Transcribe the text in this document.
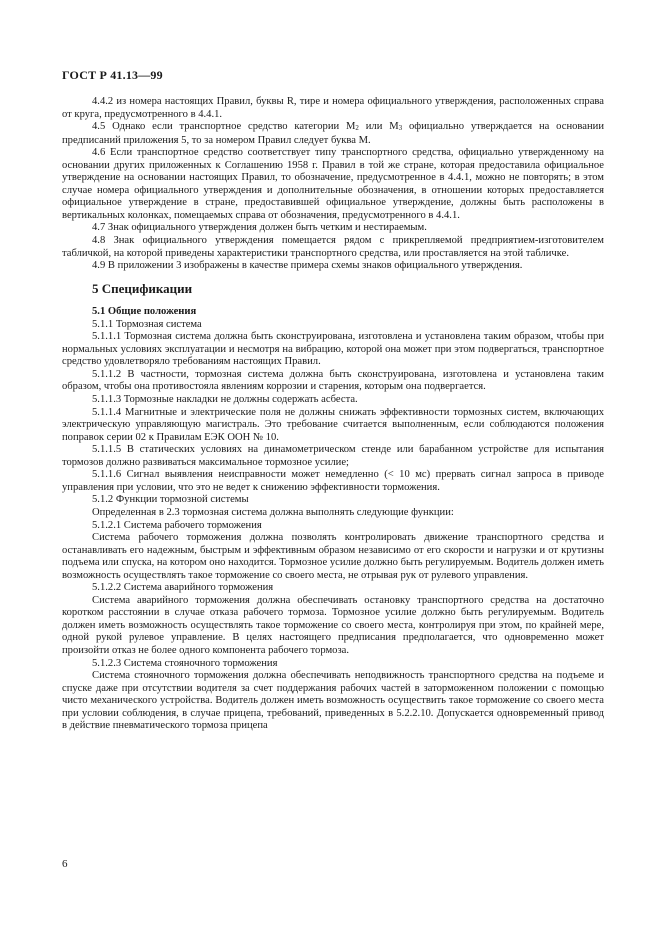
ГОСТ Р 41.13—99

4.4.2 из номера настоящих Правил, буквы R, тире и номера официального утверждения, расположенных справа от круга, предусмотренного в 4.4.1.

4.5 Однако если транспортное средство категории $M_2$ или $M_3$ официально утверждается на основании предписаний приложения 5, то за номером Правил следует буква M.

4.6 Если транспортное средство соответствует типу транспортного средства, официально утвержденному на основании других приложенных к Соглашению 1958 г. Правил в той же стране, которая предоставила официальное утверждение на основании настоящих Правил, то обозначение, предусмотренное в 4.4.1, можно не повторять; в этом случае номера официального утверждения и дополнительные обозначения, в отношении которых предоставляется официальное утверждение в стране, предоставившей официальное утверждение, должны быть расположены в вертикальных колонках, помещаемых справа от обозначения, предусмотренного в 4.4.1.

4.7 Знак официального утверждения должен быть четким и нестираемым.

4.8 Знак официального утверждения помещается рядом с прикрепляемой предприятием-изготовителем табличкой, на которой приведены характеристики транспортного средства, или проставляется на этой табличке.

4.9 В приложении 3 изображены в качестве примера схемы знаков официального утверждения.

5 Спецификации

5.1 Общие положения

5.1.1 Тормозная система

5.1.1.1 Тормозная система должна быть сконструирована, изготовлена и установлена таким образом, чтобы при нормальных условиях эксплуатации и несмотря на вибрацию, которой она может при этом подвергаться, транспортное средство удовлетворяло требованиям настоящих Правил.

5.1.1.2 В частности, тормозная система должна быть сконструирована, изготовлена и установлена таким образом, чтобы она противостояла явлениям коррозии и старения, которым она подвергается.

5.1.1.3 Тормозные накладки не должны содержать асбеста.

5.1.1.4 Магнитные и электрические поля не должны снижать эффективности тормозных систем, включающих электрическую управляющую магистраль. Это требование считается выполненным, если соблюдаются положения поправок серии 02 к Правилам ЕЭК ООН № 10.

5.1.1.5 В статических условиях на динамометрическом стенде или барабанном устройстве для испытания тормозов должно развиваться максимальное тормозное усилие;

5.1.1.6 Сигнал выявления неисправности может немедленно (< 10 мс) прервать сигнал запроса в приводе управления при условии, что это не ведет к снижению эффективности торможения.

5.1.2 Функции тормозной системы

Определенная в 2.3 тормозная система должна выполнять следующие функции:

5.1.2.1 Система рабочего торможения

Система рабочего торможения должна позволять контролировать движение транспортного средства и останавливать его надежным, быстрым и эффективным образом независимо от его скорости и нагрузки и от крутизны подъема или спуска, на котором оно находится. Тормозное усилие должно быть регулируемым. Водитель должен иметь возможность осуществлять такое торможение со своего места, не отрывая рук от рулевого управления.

5.1.2.2 Система аварийного торможения

Система аварийного торможения должна обеспечивать остановку транспортного средства на достаточно коротком расстоянии в случае отказа рабочего тормоза. Тормозное усилие должно быть регулируемым. Водитель должен иметь возможность осуществлять такое торможение со своего места, контролируя при этом, по крайней мере, одной рукой рулевое управление. В целях настоящего предписания предполагается, что одновременно может произойти отказ не более одного компонента рабочего тормоза.

5.1.2.3 Система стояночного торможения

Система стояночного торможения должна обеспечивать неподвижность транспортного средства на подъеме и спуске даже при отсутствии водителя за счет поддержания рабочих частей в заторможенном положении с помощью чисто механического устройства. Водитель должен иметь возможность осуществить такое торможение со своего места при условии соблюдения, в случае прицепа, требований, приведенных в 5.2.2.10. Допускается одновременный привод в действие пневматического тормоза прицепа

6
